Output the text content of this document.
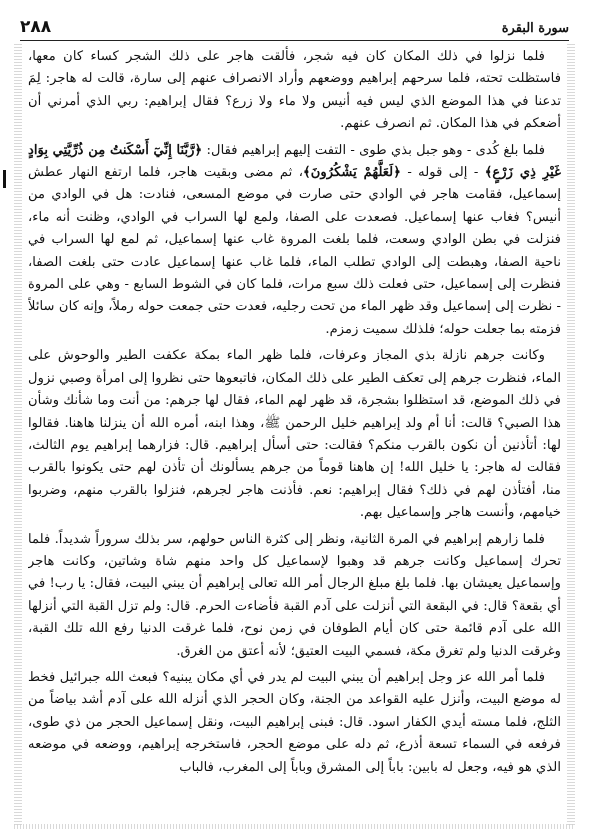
سورة البقرة
٢٨٨

فلما نزلوا في ذلك المكان كان فيه شجر، فألقت هاجر على ذلك الشجر كساء كان معها، فاستظلت تحته، فلما سرحهم إبراهيم ووضعهم وأراد الانصراف عنهم إلى سارة، قالت له هاجر: لِمَ تدعنا في هذا الموضع الذي ليس فيه أنيس ولا ماء ولا زرع؟ فقال إبراهيم: ربي الذي أمرني أن أضعكم في هذا المكان. ثم انصرف عنهم.

فلما بلغ كُدى - وهو جبل بذي طوى - التفت إليهم إبراهيم فقال: ﴿رَّبَّنَا إِنِّيٓ أَسْكَنتُ مِن ذُرِّيَّتِي بِوَادٍ غَيْرِ ذِي زَرْعٍ﴾ - إلى قوله - ﴿لَعَلَّهُمْ يَشْكُرُونَ﴾، ثم مضى وبقيت هاجر، فلما ارتفع النهار عطش إسماعيل، فقامت هاجر في الوادي حتى صارت في موضع المسعى، فنادت: هل في الوادي من أنيس؟ فغاب عنها إسماعيل. فصعدت على الصفا، ولمع لها السراب في الوادي، وظنت أنه ماء، فنزلت في بطن الوادي وسعت، فلما بلغت المروة غاب عنها إسماعيل، ثم لمع لها السراب في ناحية الصفا، وهبطت إلى الوادي تطلب الماء، فلما غاب عنها إسماعيل عادت حتى بلغت الصفا، فنظرت إلى إسماعيل، حتى فعلت ذلك سبع مرات، فلما كان في الشوط السابع - وهي على المروة - نظرت إلى إسماعيل وقد ظهر الماء من تحت رجليه، فعدت حتى جمعت حوله رملاً، وإنه كان سائلاً فزمته بما جعلت حوله؛ فلذلك سميت زمزم.

وكانت جرهم نازلة بذي المجاز وعرفات، فلما ظهر الماء بمكة عكفت الطير والوحوش على الماء، فنظرت جرهم إلى تعكف الطير على ذلك المكان، فاتبعوها حتى نظروا إلى امرأة وصبي نزول في ذلك الموضع، قد استظلوا بشجرة، قد ظهر لهم الماء، فقال لها جرهم: من أنت وما شأنك وشأن هذا الصبي؟ قالت: أنا أم ولد إبراهيم خليل الرحمن ﷺ، وهذا ابنه، أمره الله أن ينزلنا هاهنا. فقالوا لها: أتأذنين أن نكون بالقرب منكم؟ فقالت: حتى أسأل إبراهيم. قال: فزارهما إبراهيم يوم الثالث، فقالت له هاجر: يا خليل الله! إن هاهنا قوماً من جرهم يسألونك أن تأذن لهم حتى يكونوا بالقرب منا، أفتأذن لهم في ذلك؟ فقال إبراهيم: نعم. فأذنت هاجر لجرهم، فنزلوا بالقرب منهم، وضربوا خيامهم، وأنست هاجر وإسماعيل بهم.

فلما زارهم إبراهيم في المرة الثانية، ونظر إلى كثرة الناس حولهم، سر بذلك سروراً شديداً. فلما تحرك إسماعيل وكانت جرهم قد وهبوا لإسماعيل كل واحد منهم شاة وشاتين، وكانت هاجر وإسماعيل يعيشان بها. فلما بلغ مبلغ الرجال أمر الله تعالى إبراهيم أن يبني البيت، فقال: يا رب! في أي بقعة؟ قال: في البقعة التي أنزلت على آدم القبة فأضاءت الحرم. قال: ولم تزل القبة التي أنزلها الله على آدم قائمة حتى كان أيام الطوفان في زمن نوح، فلما غرقت الدنيا رفع الله تلك القبة، وغرقت الدنيا ولم تغرق مكة، فسمي البيت العتيق؛ لأنه أعتق من الغرق.

فلما أمر الله عز وجل إبراهيم أن يبني البيت لم يدر في أي مكان يبنيه؟ فبعث الله جبرائيل فخط له موضع البيت، وأنزل عليه القواعد من الجنة، وكان الحجر الذي أنزله الله على آدم أشد بياضاً من الثلج، فلما مسته أيدي الكفار اسود. قال: فبنى إبراهيم البيت، ونقل إسماعيل الحجر من ذي طوى، فرفعه في السماء تسعة أذرع، ثم دله على موضع الحجر، فاستخرجه إبراهيم، ووضعه في موضعه الذي هو فيه، وجعل له بابين: باباً إلى المشرق وباباً إلى المغرب، فالباب
